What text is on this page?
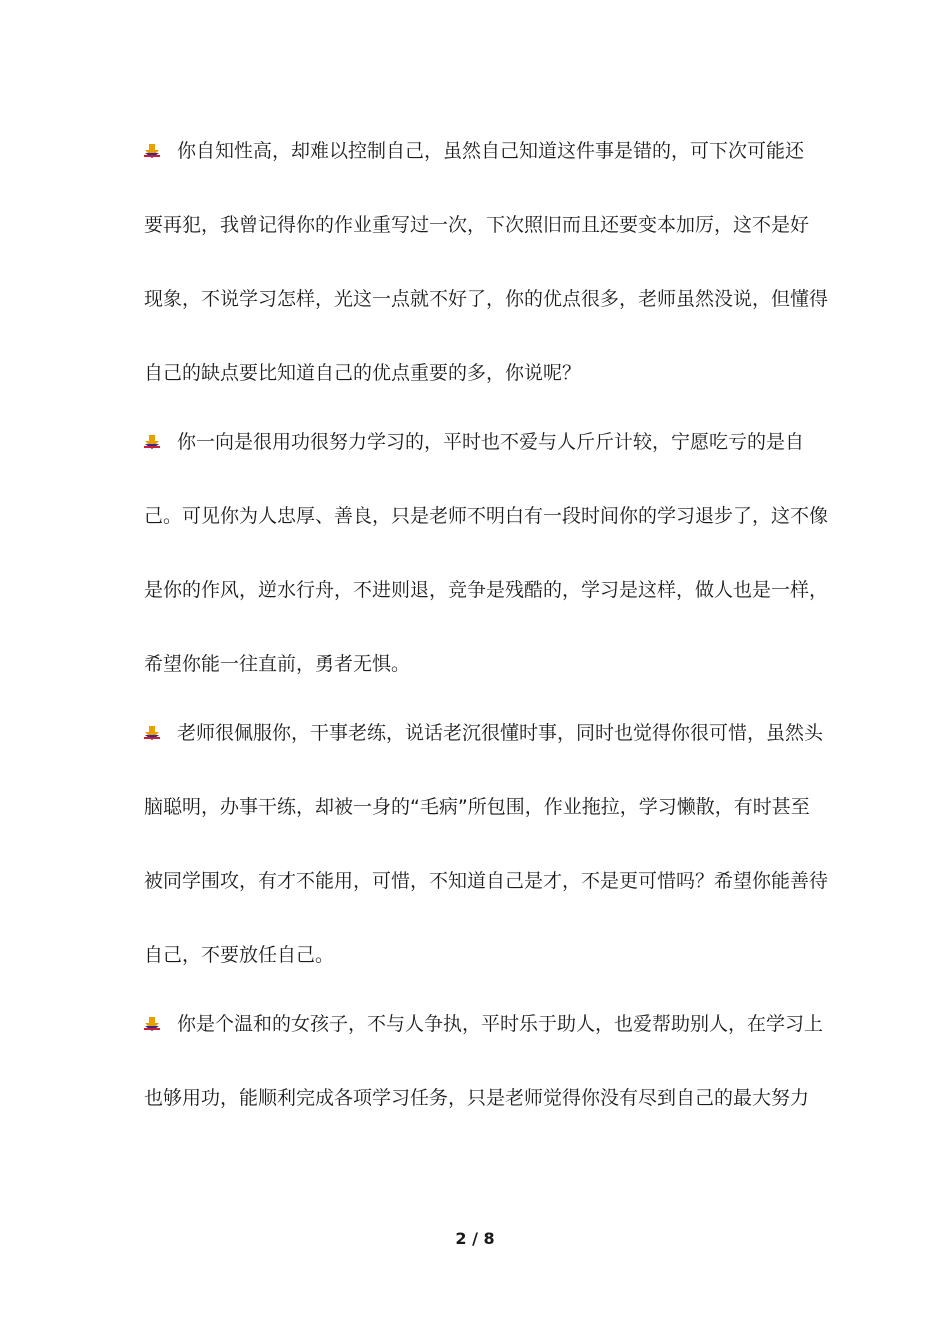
你自知性高，却难以控制自己，虽然自己知道这件事是错的，可下次可能还
要再犯，我曾记得你的作业重写过一次，下次照旧而且还要变本加厉，这不是好
现象，不说学习怎样，光这一点就不好了，你的优点很多，老师虽然没说，但懂得
自己的缺点要比知道自己的优点重要的多，你说呢？
你一向是很用功很努力学习的，平时也不爱与人斤斤计较，宁愿吃亏的是自
己。可见你为人忠厚、善良，只是老师不明白有一段时间你的学习退步了，这不像
是你的作风，逆水行舟，不进则退，竞争是残酷的，学习是这样，做人也是一样，
希望你能一往直前，勇者无惧。
老师很佩服你，干事老练，说话老沉很懂时事，同时也觉得你很可惜，虽然头
脑聪明，办事干练，却被一身的“毛病”所包围，作业拖拉，学习懒散，有时甚至
被同学围攻，有才不能用，可惜，不知道自己是才，不是更可惜吗？希望你能善待
自己，不要放任自己。
你是个温和的女孩子，不与人争执，平时乐于助人，也爱帮助别人，在学习上
也够用功，能顺利完成各项学习任务，只是老师觉得你没有尽到自己的最大努力
2 / 8
